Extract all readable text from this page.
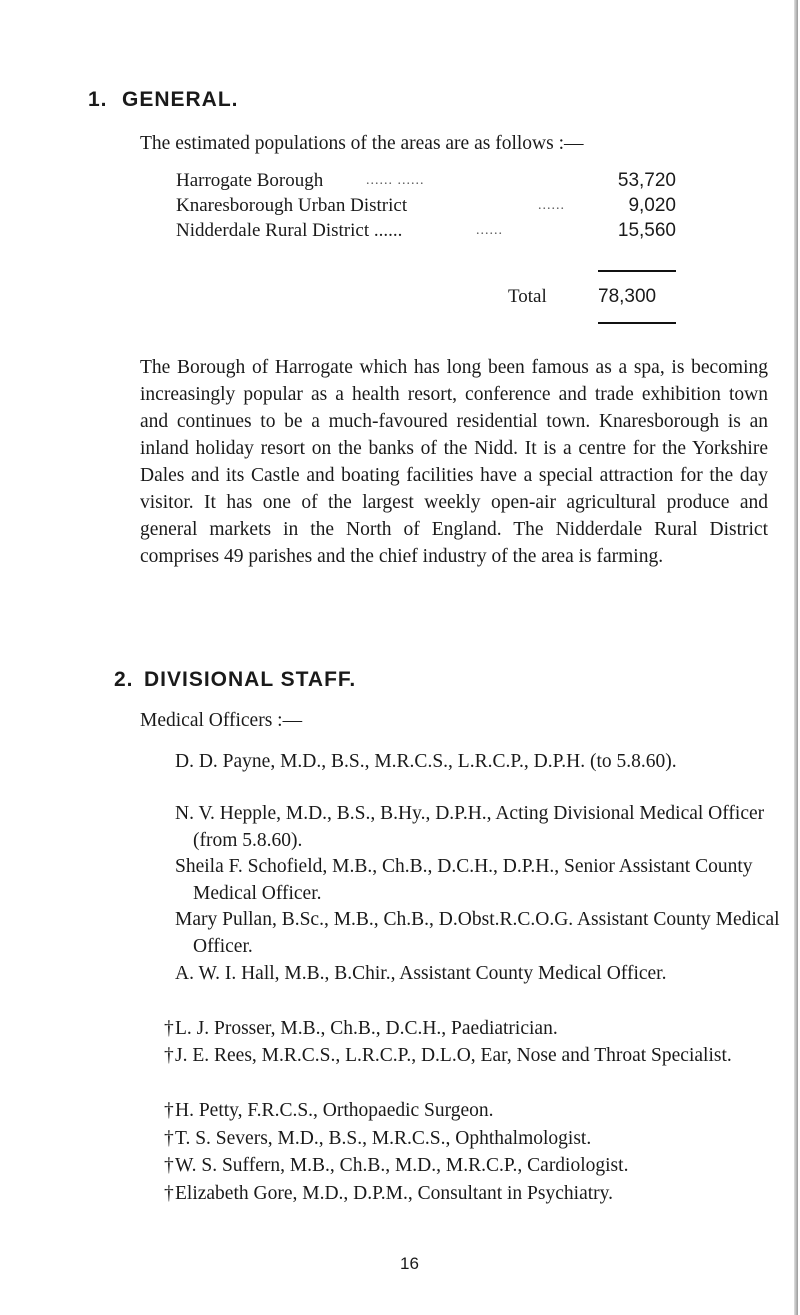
1. GENERAL.
The estimated populations of the areas are as follows :—
Harrogate Borough	...... ......	53,720
Knaresborough Urban District	......	9,020
Nidderdale Rural District ......	......	15,560
Total	78,300

The Borough of Harrogate which has long been famous as a spa, is becoming increasingly popular as a health resort, conference and trade exhibition town and continues to be a much-favoured residential town. Knaresborough is an inland holiday resort on the banks of the Nidd. It is a centre for the Yorkshire Dales and its Castle and boating facilities have a special attraction for the day visitor. It has one of the largest weekly open-air agricultural produce and general markets in the North of England. The Nidderdale Rural District comprises 49 parishes and the chief industry of the area is farming.

2. DIVISIONAL STAFF.
Medical Officers :—

D. D. Payne, M.D., B.S., M.R.C.S., L.R.C.P., D.P.H. (to 5.8.60).

N. V. Hepple, M.D., B.S., B.Hy., D.P.H., Acting Divisional Medical Officer (from 5.8.60).

Sheila F. Schofield, M.B., Ch.B., D.C.H., D.P.H., Senior Assistant County Medical Officer.

Mary Pullan, B.Sc., M.B., Ch.B., D.Obst.R.C.O.G. Assistant County Medical Officer.

A. W. I. Hall, M.B., B.Chir., Assistant County Medical Officer.

†L. J. Prosser, M.B., Ch.B., D.C.H., Paediatrician.

†J. E. Rees, M.R.C.S., L.R.C.P., D.L.O, Ear, Nose and Throat Specialist.

†H. Petty, F.R.C.S., Orthopaedic Surgeon.

†T. S. Severs, M.D., B.S., M.R.C.S., Ophthalmologist.

†W. S. Suffern, M.B., Ch.B., M.D., M.R.C.P., Cardiologist.

†Elizabeth Gore, M.D., D.P.M., Consultant in Psychiatry.

16
